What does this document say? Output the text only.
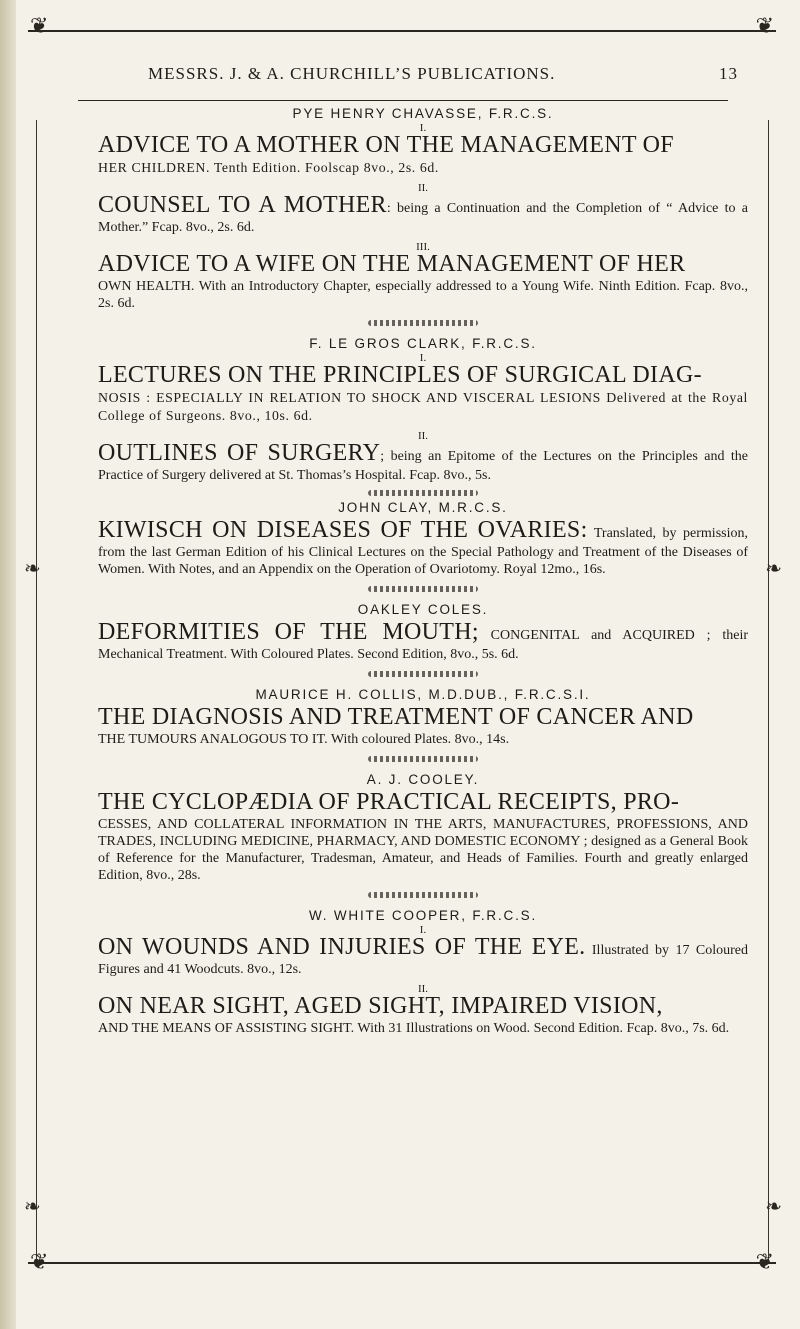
❦	❦
❧	❧
❧	❧
MESSRS. J. & A. CHURCHILL’S PUBLICATIONS.	13
PYE HENRY CHAVASSE, F.R.C.S.
I.

ADVICE TO A MOTHER ON THE MANAGEMENT OF
HER CHILDREN. Tenth Edition. Foolscap 8vo., 2s. 6d.

II.

COUNSEL TO A MOTHER: being a Continuation and the Completion of “ Advice to a Mother.” Fcap. 8vo., 2s. 6d.

III.

ADVICE TO A WIFE ON THE MANAGEMENT OF HER
OWN HEALTH. With an Introductory Chapter, especially addressed to a Young Wife. Ninth Edition. Fcap. 8vo., 2s. 6d.

F. LE GROS CLARK, F.R.C.S.
I.

LECTURES ON THE PRINCIPLES OF SURGICAL DIAG-
NOSIS : ESPECIALLY IN RELATION TO SHOCK AND VISCERAL LESIONS Delivered at the Royal College of Surgeons. 8vo., 10s. 6d.

II.

OUTLINES OF SURGERY; being an Epitome of the Lectures on the Principles and the Practice of Surgery delivered at St. Thomas’s Hospital. Fcap. 8vo., 5s.

JOHN CLAY, M.R.C.S.

KIWISCH ON DISEASES OF THE OVARIES: Translated, by permission, from the last German Edition of his Clinical Lectures on the Special Pathology and Treatment of the Diseases of Women. With Notes, and an Appendix on the Operation of Ovariotomy. Royal 12mo., 16s.

OAKLEY COLES.

DEFORMITIES OF THE MOUTH; CONGENITAL and ACQUIRED ; their Mechanical Treatment. With Coloured Plates. Second Edition, 8vo., 5s. 6d.

MAURICE H. COLLIS, M.D.DUB., F.R.C.S.I.

THE DIAGNOSIS AND TREATMENT OF CANCER AND
THE TUMOURS ANALOGOUS TO IT. With coloured Plates. 8vo., 14s.

A. J. COOLEY.

THE CYCLOPÆDIA OF PRACTICAL RECEIPTS, PRO-
CESSES, AND COLLATERAL INFORMATION IN THE ARTS, MANUFACTURES, PROFESSIONS, AND TRADES, INCLUDING MEDICINE, PHARMACY, AND DOMESTIC ECONOMY ; designed as a General Book of Reference for the Manufacturer, Tradesman, Amateur, and Heads of Families. Fourth and greatly enlarged Edition, 8vo., 28s.

W. WHITE COOPER, F.R.C.S.
I.

ON WOUNDS AND INJURIES OF THE EYE. Illustrated by 17 Coloured Figures and 41 Woodcuts. 8vo., 12s.

II.

ON NEAR SIGHT, AGED SIGHT, IMPAIRED VISION,
AND THE MEANS OF ASSISTING SIGHT. With 31 Illustrations on Wood. Second Edition. Fcap. 8vo., 7s. 6d.

❦	❦
